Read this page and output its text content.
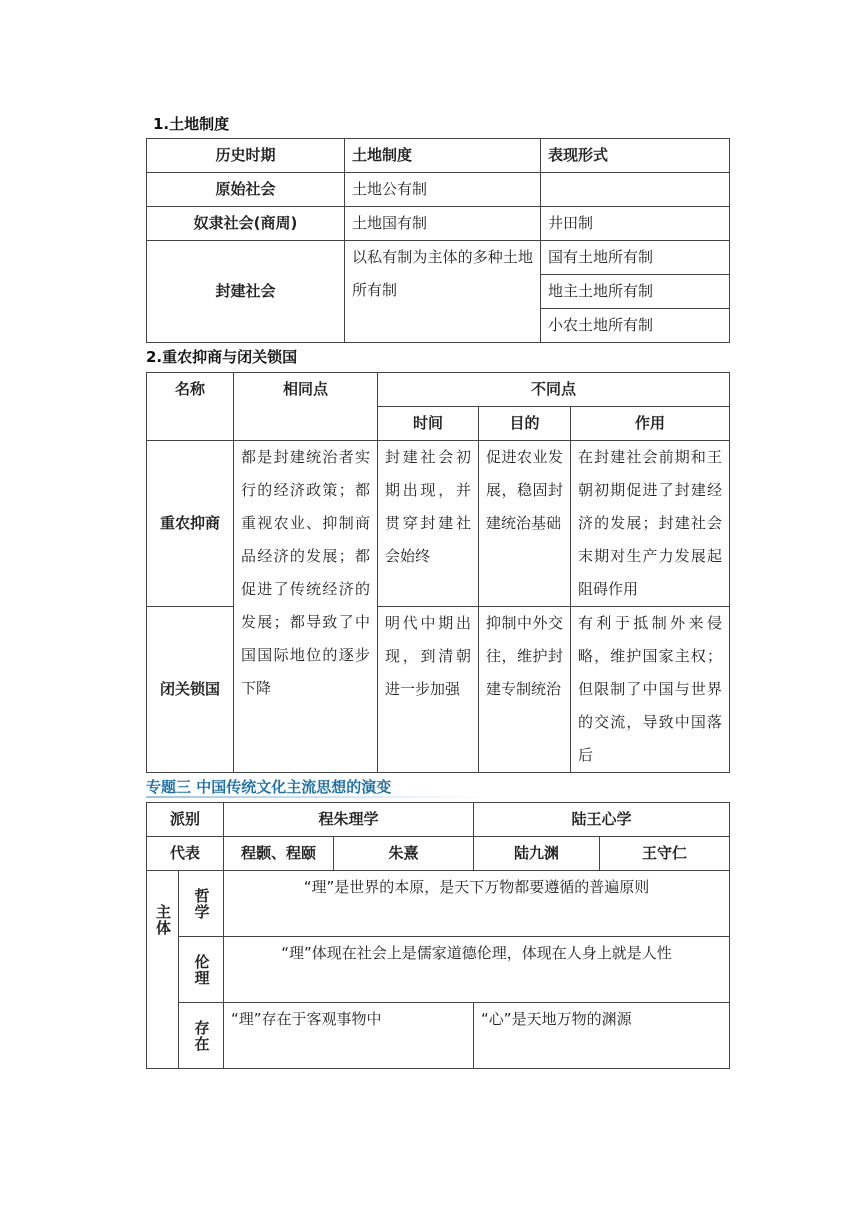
1.土地制度
历史时期	土地制度	表现形式
原始社会	土地公有制	
奴隶社会(商周)	土地国有制	井田制
封建社会	以私有制为主体的多种土地所有制	国有土地所有制
		地主土地所有制
		小农土地所有制
2.重农抑商与闭关锁国
名称	相同点	不同点		
		时间	目的	作用
重农抑商	都是封建统治者实行的经济政策；都重视农业、抑制商品经济的发展；都促进了传统经济的发展；都导致了中国国际地位的逐步下降	封建社会初期出现，并贯穿封建社会始终	促进农业发展，稳固封建统治基础	在封建社会前期和王朝初期促进了封建经济的发展；封建社会末期对生产力发展起阻碍作用
闭关锁国		明代中期出现，到清朝进一步加强	抑制中外交往，维护封建专制统治	有利于抵制外来侵略，维护国家主权；但限制了中国与世界的交流，导致中国落后
专题三 中国传统文化主流思想的演变
派别		程朱理学		陆王心学	
代表		程颢、程颐	朱熹	陆九渊	王守仁

主体	哲学	“理”是世界的本原，是天下万物都要遵循的普遍原则			

	伦理	“理”体现在社会上是儒家道德伦理，体现在人身上就是人性			

	存在	“理”存在于客观事物中		“心”是天地万物的渊源	
